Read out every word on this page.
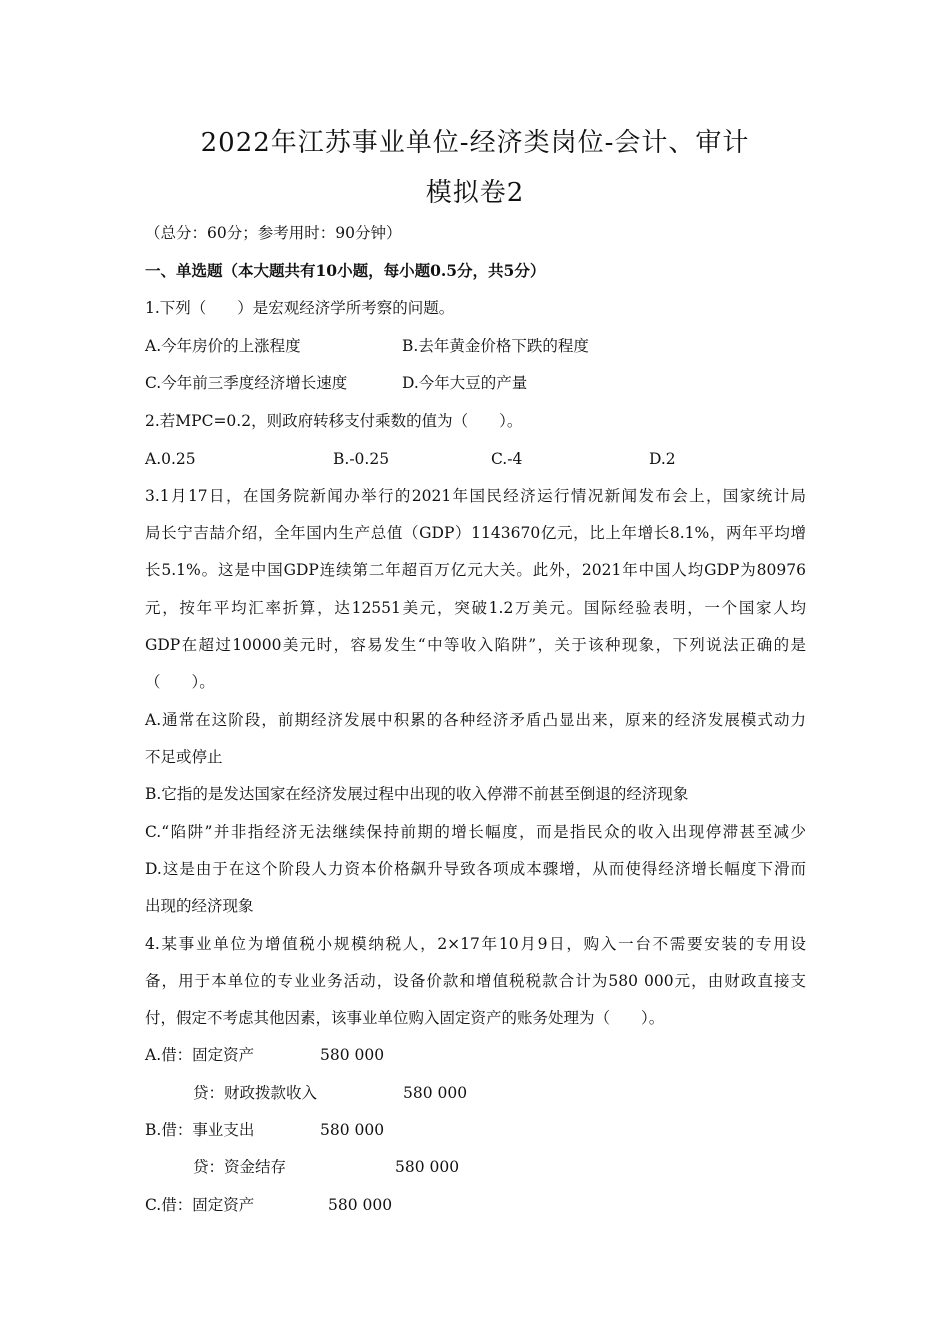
2022年江苏事业单位-经济类岗位-会计、审计
模拟卷2
（总分：60分；参考用时：90分钟）
一、单选题（本大题共有10小题，每小题0.5分，共5分）
1.下列（　　）是宏观经济学所考察的问题。
A.今年房价的上涨程度	B.去年黄金价格下跌的程度
C.今年前三季度经济增长速度	D.今年大豆的产量
2.若MPC=0.2，则政府转移支付乘数的值为（　　）。
A.0.25	B.-0.25	C.-4	D.2
3.1月17日，在国务院新闻办举行的2021年国民经济运行情况新闻发布会上，国家统计局
局长宁吉喆介绍，全年国内生产总值（GDP）1143670亿元，比上年增长8.1%，两年平均增
长5.1%。这是中国GDP连续第二年超百万亿元大关。此外，2021年中国人均GDP为80976
元，按年平均汇率折算，达12551美元，突破1.2万美元。国际经验表明，一个国家人均
GDP在超过10000美元时，容易发生“中等收入陷阱”，关于该种现象，下列说法正确的是
（　　）。
A.通常在这阶段，前期经济发展中积累的各种经济矛盾凸显出来，原来的经济发展模式动力
不足或停止
B.它指的是发达国家在经济发展过程中出现的收入停滞不前甚至倒退的经济现象
C.“陷阱”并非指经济无法继续保持前期的增长幅度，而是指民众的收入出现停滞甚至减少
D.这是由于在这个阶段人力资本价格飙升导致各项成本骤增，从而使得经济增长幅度下滑而
出现的经济现象
4.某事业单位为增值税小规模纳税人，2×17年10月9日，购入一台不需要安装的专用设
备，用于本单位的专业业务活动，设备价款和增值税税款合计为580 000元，由财政直接支
付，假定不考虑其他因素，该事业单位购入固定资产的账务处理为（　　）。
A.借：固定资产	580 000
贷：财政拨款收入	580 000
B.借：事业支出	580 000
贷：资金结存	580 000
C.借：固定资产	580 000
